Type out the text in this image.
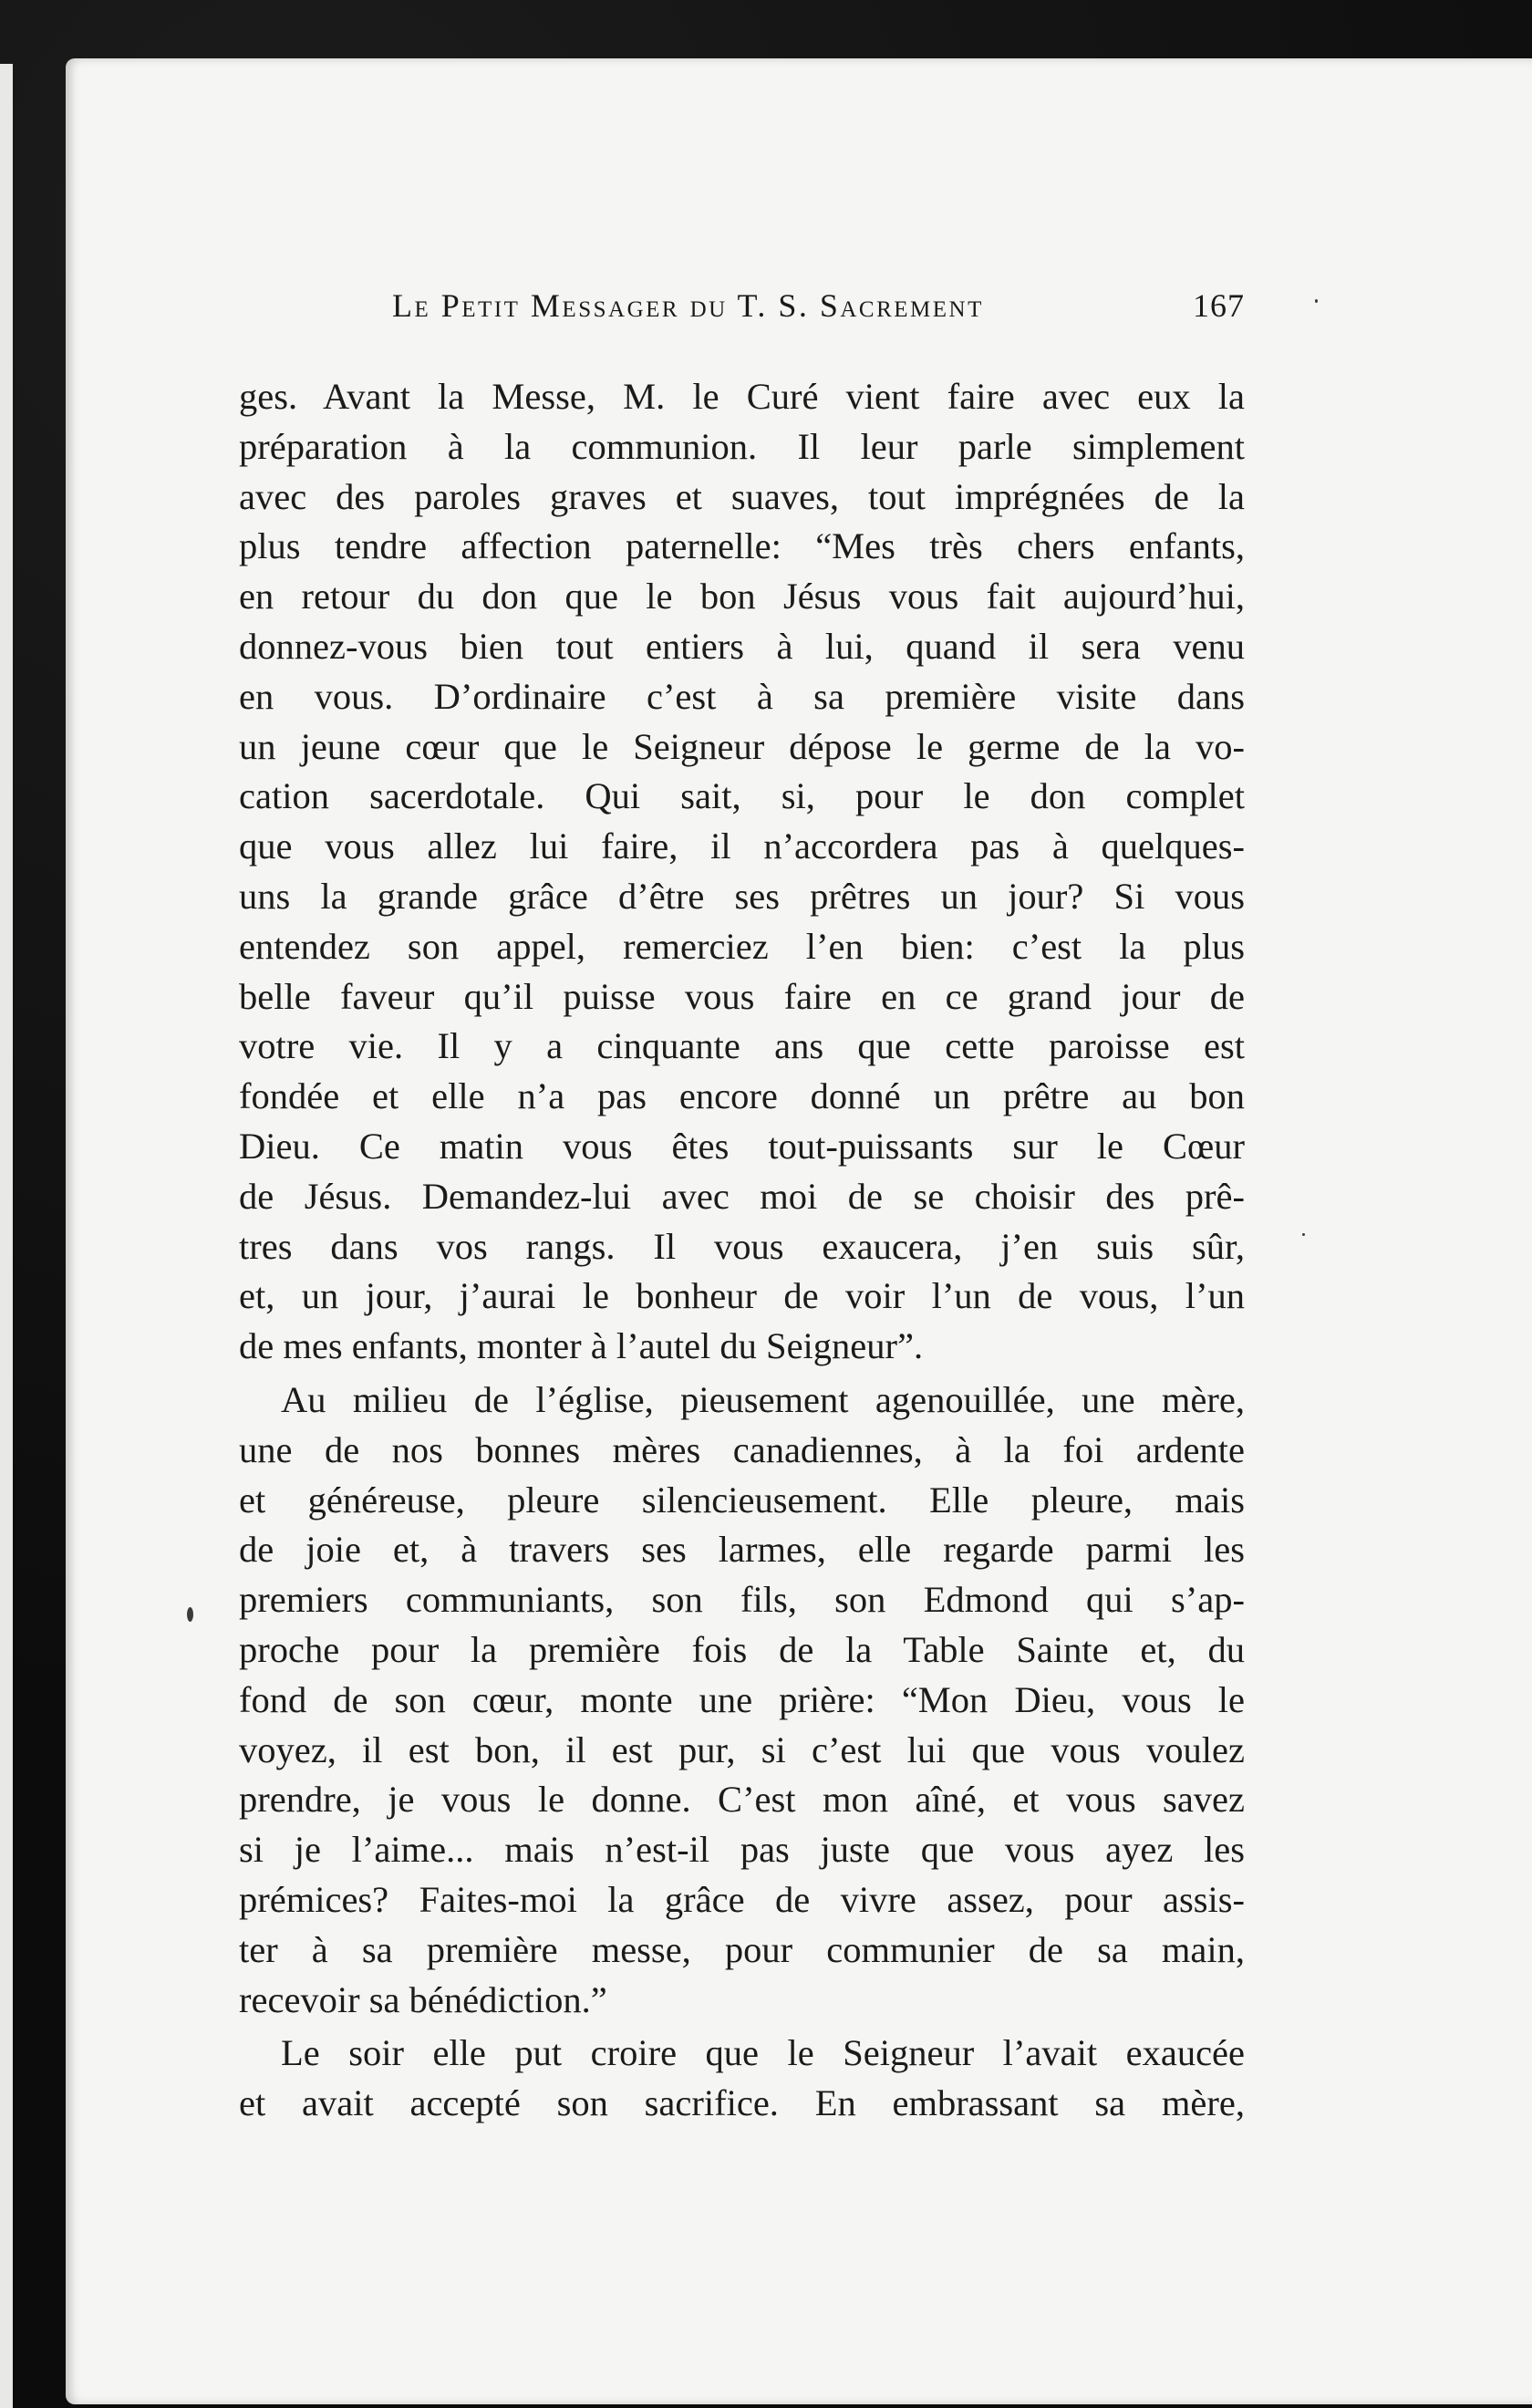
Le Petit Messager du T. S. Sacrement	167
ges. Avant la Messe, M. le Curé vient faire avec eux la
préparation à la communion. Il leur parle simplement
avec des paroles graves et suaves, tout imprégnées de la
plus tendre affection paternelle: “Mes très chers enfants,
en retour du don que le bon Jésus vous fait aujourd’hui,
donnez-vous bien tout entiers à lui, quand il sera venu
en vous. D’ordinaire c’est à sa première visite dans
un jeune cœur que le Seigneur dépose le germe de la vo-
cation sacerdotale. Qui sait, si, pour le don complet
que vous allez lui faire, il n’accordera pas à quelques-
uns la grande grâce d’être ses prêtres un jour? Si vous
entendez son appel, remerciez l’en bien: c’est la plus
belle faveur qu’il puisse vous faire en ce grand jour de
votre vie. Il y a cinquante ans que cette paroisse est
fondée et elle n’a pas encore donné un prêtre au bon
Dieu. Ce matin vous êtes tout-puissants sur le Cœur
de Jésus. Demandez-lui avec moi de se choisir des prê-
tres dans vos rangs. Il vous exaucera, j’en suis sûr,
et, un jour, j’aurai le bonheur de voir l’un de vous, l’un
de mes enfants, monter à l’autel du Seigneur”.
Au milieu de l’église, pieusement agenouillée, une mère,
une de nos bonnes mères canadiennes, à la foi ardente
et généreuse, pleure silencieusement. Elle pleure, mais
de joie et, à travers ses larmes, elle regarde parmi les
premiers communiants, son fils, son Edmond qui s’ap-
proche pour la première fois de la Table Sainte et, du
fond de son cœur, monte une prière: “Mon Dieu, vous le
voyez, il est bon, il est pur, si c’est lui que vous voulez
prendre, je vous le donne. C’est mon aîné, et vous savez
si je l’aime... mais n’est-il pas juste que vous ayez les
prémices? Faites-moi la grâce de vivre assez, pour assis-
ter à sa première messe, pour communier de sa main,
recevoir sa bénédiction.”
Le soir elle put croire que le Seigneur l’avait exaucée
et avait accepté son sacrifice. En embrassant sa mère,
